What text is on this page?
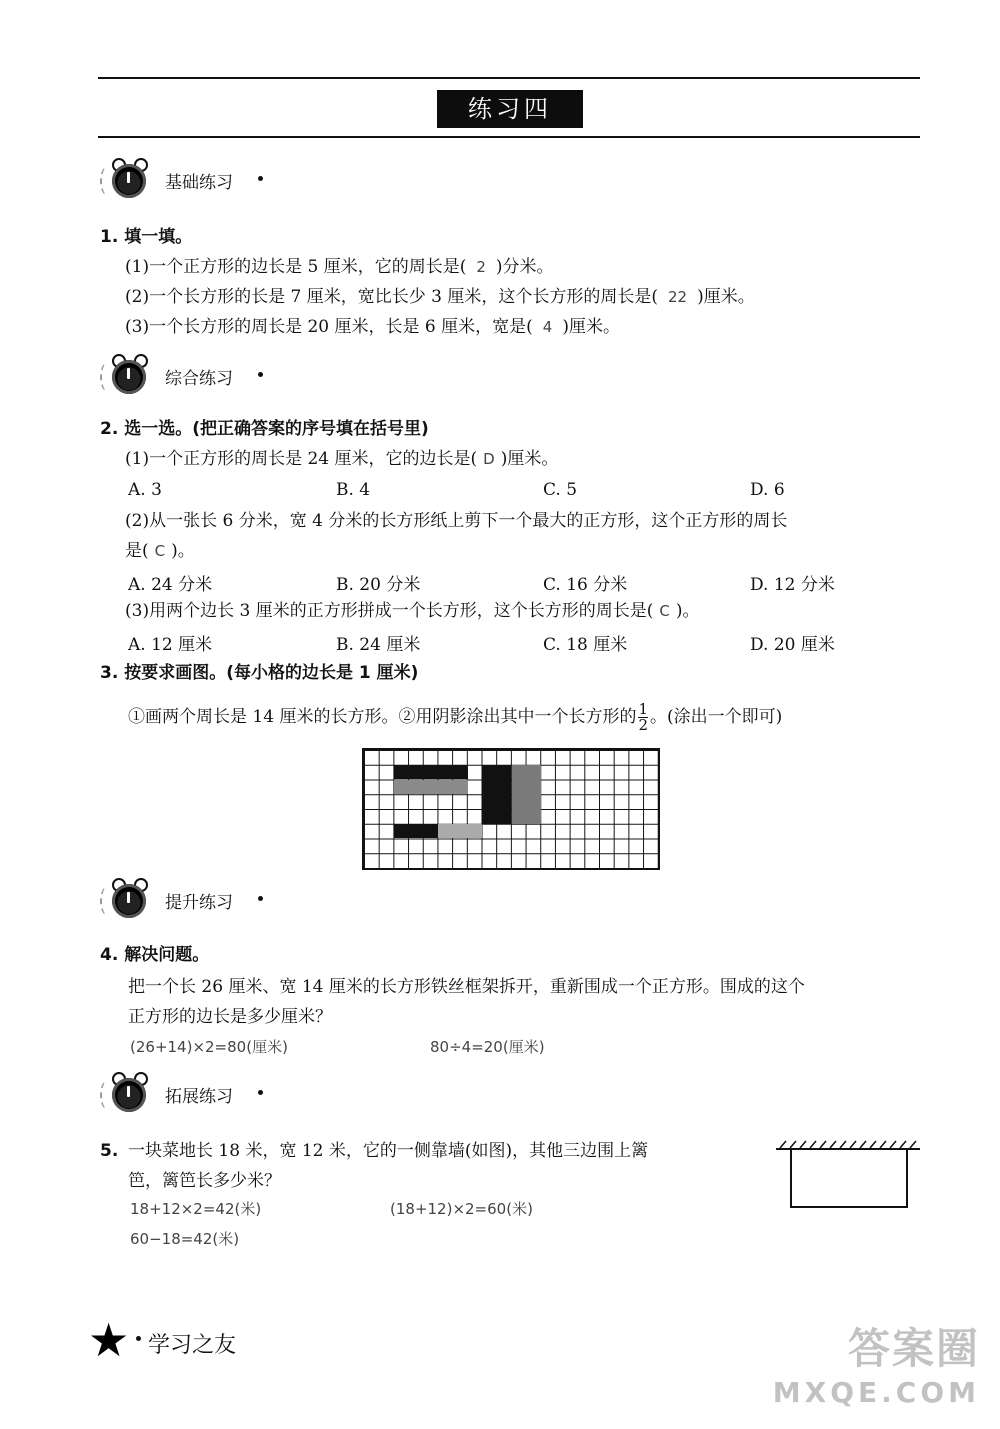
练习四
基础练习
1. 填一填。
(1)一个正方形的边长是 5 厘米，它的周长是( 2 )分米。
(2)一个长方形的长是 7 厘米，宽比长少 3 厘米，这个长方形的周长是( 22 )厘米。
(3)一个长方形的周长是 20 厘米，长是 6 厘米，宽是( 4 )厘米。
综合练习
2. 选一选。(把正确答案的序号填在括号里)
(1)一个正方形的周长是 24 厘米，它的边长是( D )厘米。
A. 3	B. 4	C. 5	D. 6
(2)从一张长 6 分米，宽 4 分米的长方形纸上剪下一个最大的正方形，这个正方形的周长
是( C )。
A. 24 分米	B. 20 分米	C. 16 分米	D. 12 分米
(3)用两个边长 3 厘米的正方形拼成一个长方形，这个长方形的周长是( C )。
A. 12 厘米	B. 24 厘米	C. 18 厘米	D. 20 厘米
3. 按要求画图。(每小格的边长是 1 厘米)
①画两个周长是 14 厘米的长方形。②用阴影涂出其中一个长方形的 $\frac{1}{2}$ 。(涂出一个即可)
提升练习
4. 解决问题。
把一个长 26 厘米、宽 14 厘米的长方形铁丝框架拆开，重新围成一个正方形。围成的这个
正方形的边长是多少厘米？
(26+14)×2=80(厘米)	80÷4=20(厘米)
拓展练习
5. 一块菜地长 18 米，宽 12 米，它的一侧靠墙(如图)，其他三边围上篱
笆，篱笆长多少米？
18+12×2=42(米)	(18+12)×2=60(米)
60−18=42(米)
★ 学习之友	答案圈
MXQE.COM
